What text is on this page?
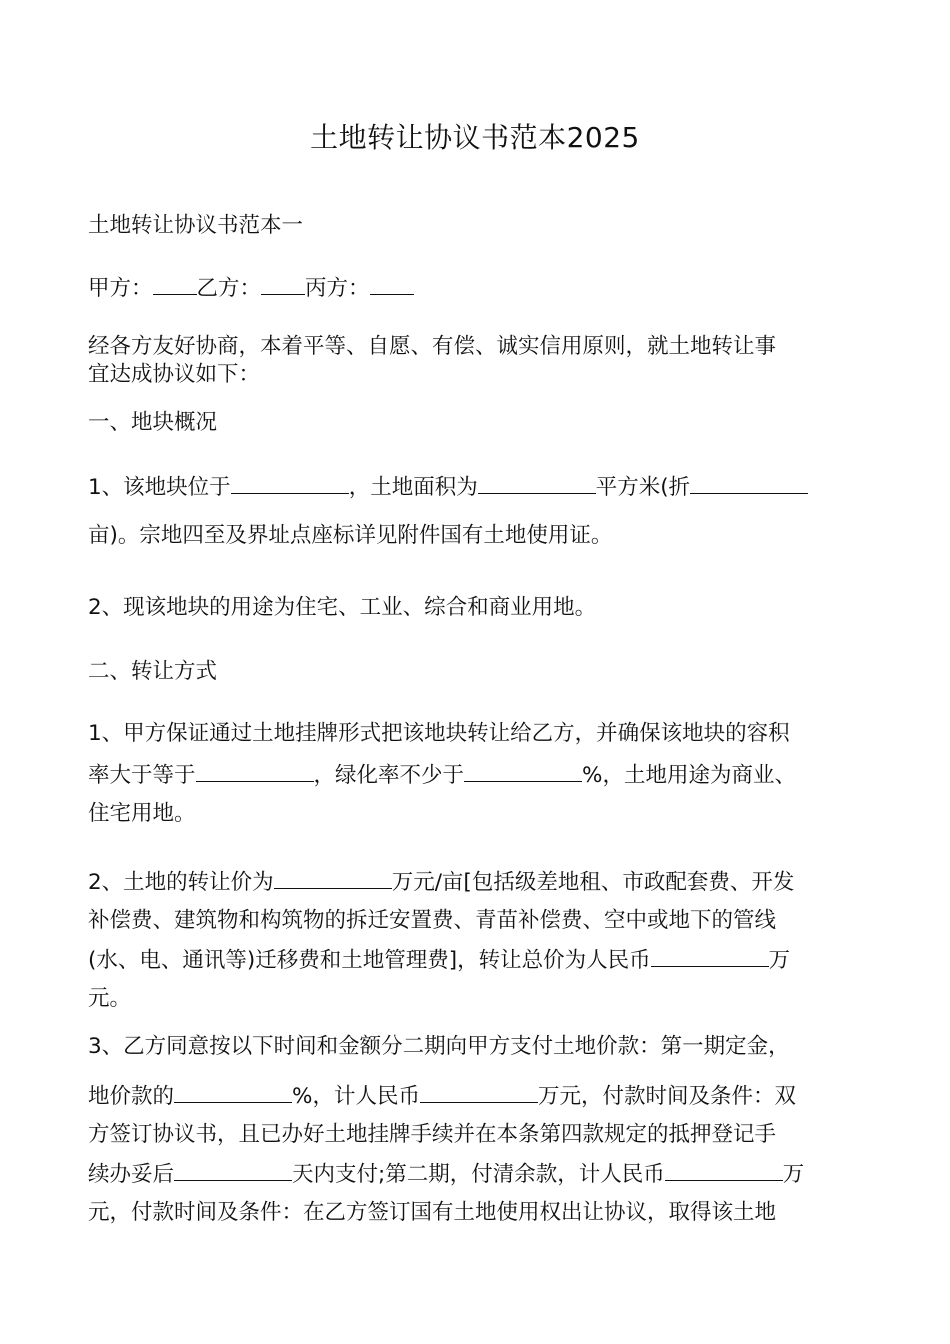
土地转让协议书范本2025
土地转让协议书范本一
甲方： 乙方： 丙方：
经各方友好协商，本着平等、自愿、有偿、诚实信用原则，就土地转让事
宜达成协议如下：
一、地块概况
1、该地块位于	，土地面积为	平方米(折
亩)。宗地四至及界址点座标详见附件国有土地使用证。
2、现该地块的用途为住宅、工业、综合和商业用地。
二、转让方式
1、甲方保证通过土地挂牌形式把该地块转让给乙方，并确保该地块的容积
率大于等于	，绿化率不少于	%，土地用途为商业、
住宅用地。
2、土地的转让价为	万元/亩[包括级差地租、市政配套费、开发
补偿费、建筑物和构筑物的拆迁安置费、青苗补偿费、空中或地下的管线
(水、电、通讯等)迁移费和土地管理费]，转让总价为人民币	万
元。
3、乙方同意按以下时间和金额分二期向甲方支付土地价款：第一期定金，
地价款的	%，计人民币	万元，付款时间及条件：双
方签订协议书，且已办好土地挂牌手续并在本条第四款规定的抵押登记手
续办妥后	天内支付;第二期，付清余款，计人民币	万
元，付款时间及条件：在乙方签订国有土地使用权出让协议，取得该土地
